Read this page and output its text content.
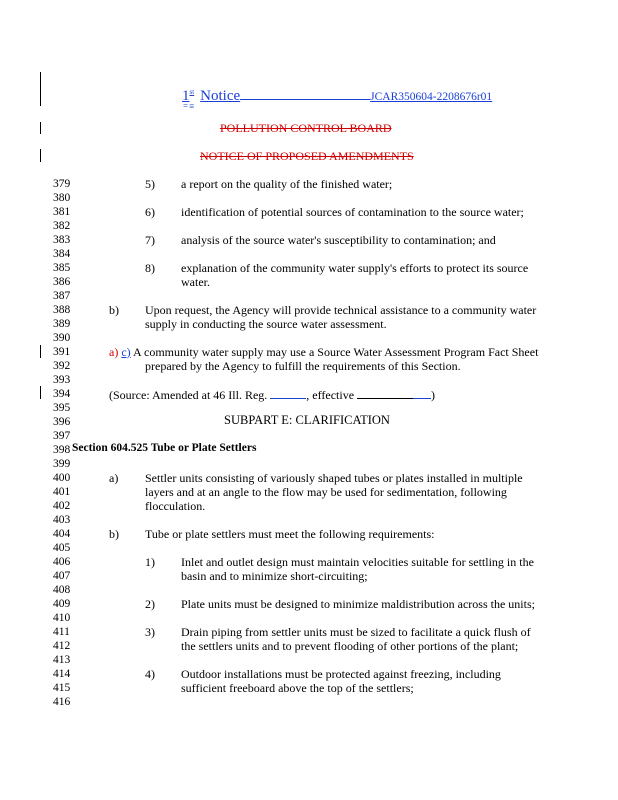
1st Notice	JCAR350604-2208676r01
=≡
POLLUTION CONTROL BOARD
NOTICE OF PROPOSED AMENDMENTS
379
380
381
382
383
384
385
386
387
388
389
390
391
392
393
394
395
396
397
398
399
400
401
402
403
404
405
406
407
408
409
410
411
412
413
414
415
416
5) a report on the quality of the finished water;
6) identification of potential sources of contamination to the source water;
7) analysis of the source water's susceptibility to contamination; and
8) explanation of the community water supply's efforts to protect its source
water.
b) Upon request, the Agency will provide technical assistance to a community water
supply in conducting the source water assessment.
a) c) A community water supply may use a Source Water Assessment Program Fact Sheet
prepared by the Agency to fulfill the requirements of this Section.
(Source: Amended at 46 Ill. Reg.	, effective	)
SUBPART E: CLARIFICATION
Section 604.525 Tube or Plate Settlers
a) Settler units consisting of variously shaped tubes or plates installed in multiple
layers and at an angle to the flow may be used for sedimentation, following
flocculation.
b) Tube or plate settlers must meet the following requirements:
1) Inlet and outlet design must maintain velocities suitable for settling in the
basin and to minimize short-circuiting;
2) Plate units must be designed to minimize maldistribution across the units;
3) Drain piping from settler units must be sized to facilitate a quick flush of
the settlers units and to prevent flooding of other portions of the plant;
4) Outdoor installations must be protected against freezing, including
sufficient freeboard above the top of the settlers;
